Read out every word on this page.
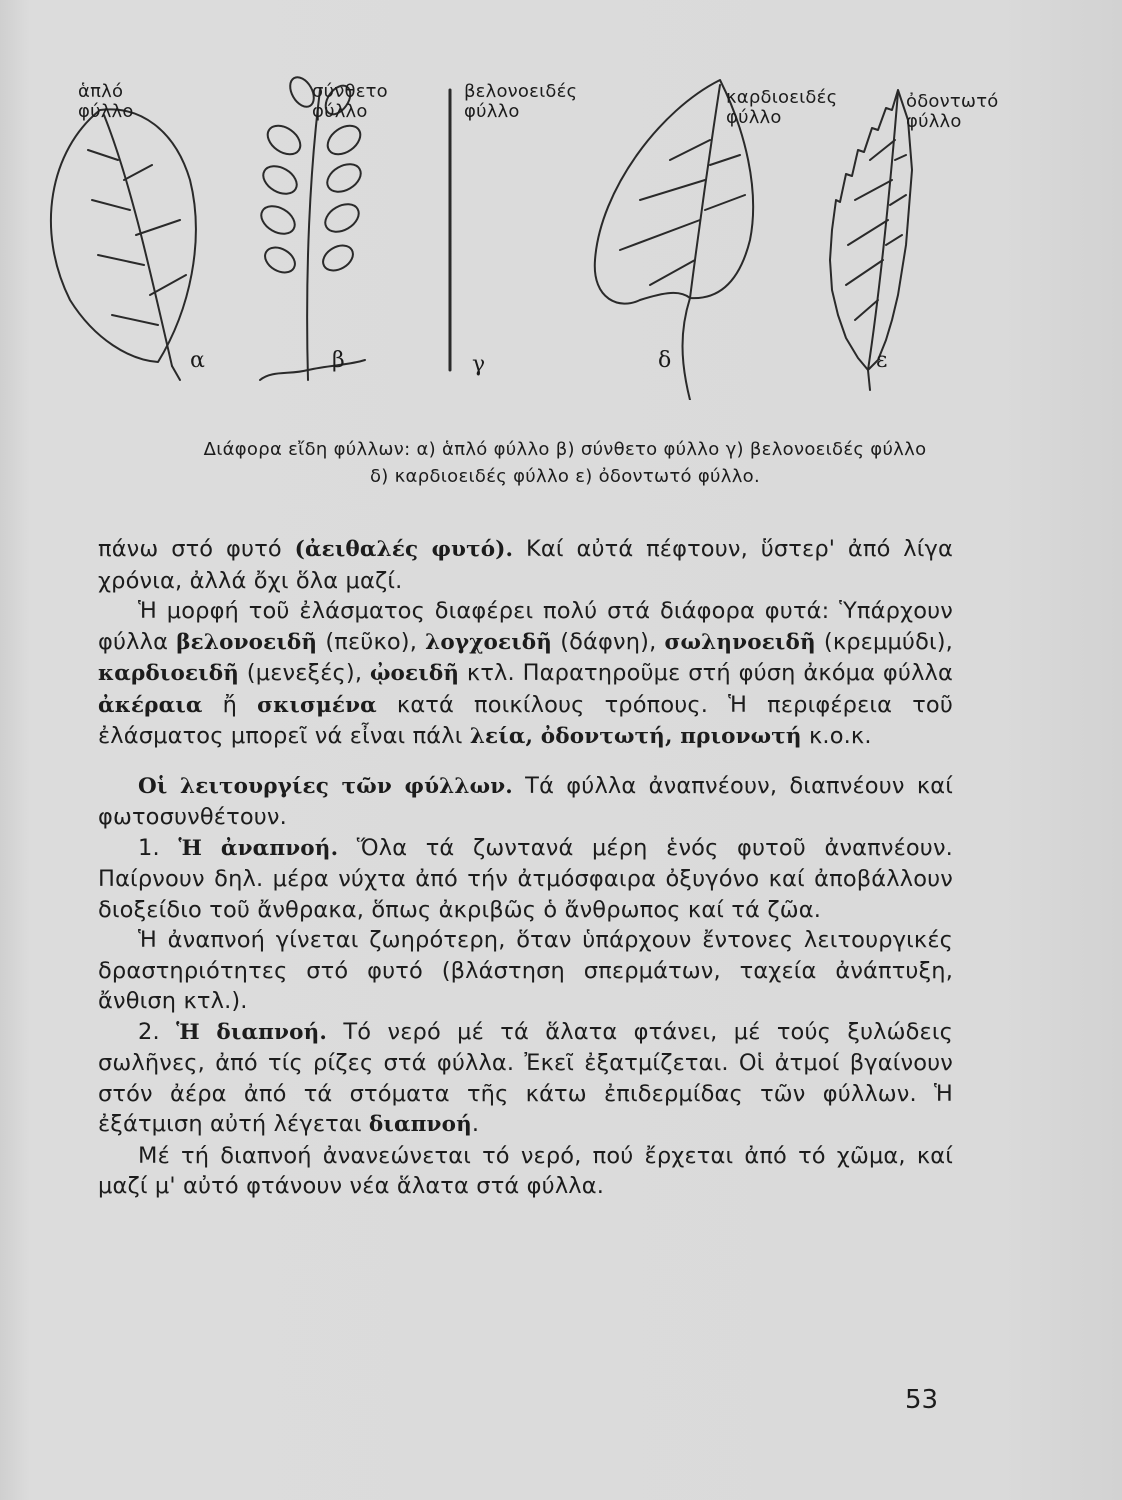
ἁπλό
φύλλο
σύνθετο
φύλλο
βελονοειδές
φύλλο
καρδιοειδές
φύλλο
ὀδοντωτό
φύλλο
α	β	γ	δ	ε
Διάφορα εἴδη φύλλων: α) ἁπλό φύλλο β) σύνθετο φύλλο γ) βελονοειδές φύλλο
δ) καρδιοειδές φύλλο ε) ὀδοντωτό φύλλο.

πάνω στό φυτό (ἀειθαλές φυτό). Καί αὐτά πέφτουν, ὕστερ' ἀπό λίγα χρόνια, ἀλλά ὄχι ὅλα μαζί.

Ἡ μορφή τοῦ ἐλάσματος διαφέρει πολύ στά διάφορα φυτά: Ὑπάρχουν φύλλα βελονοειδῆ (πεῦκο), λογχοειδῆ (δάφνη), σωληνοειδῆ (κρεμμύδι), καρδιοειδῆ (μενεξές), ᾠοειδῆ κτλ. Παρατηροῦμε στή φύση ἀκόμα φύλλα ἀκέραια ἤ σκισμένα κατά ποικίλους τρόπους. Ἡ περιφέρεια τοῦ ἐλάσματος μπορεῖ νά εἶναι πάλι λεία, ὀδοντωτή, πριονωτή κ.ο.κ.

Οἱ λειτουργίες τῶν φύλλων. Τά φύλλα ἀναπνέουν, διαπνέουν καί φωτοσυνθέτουν.

1. Ἡ ἀναπνοή. Ὅλα τά ζωντανά μέρη ἑνός φυτοῦ ἀναπνέουν. Παίρνουν δηλ. μέρα νύχτα ἀπό τήν ἀτμόσφαιρα ὀξυγόνο καί ἀποβάλλουν διοξείδιο τοῦ ἄνθρακα, ὅπως ἀκριβῶς ὁ ἄνθρωπος καί τά ζῶα.

Ἡ ἀναπνοή γίνεται ζωηρότερη, ὅταν ὑπάρχουν ἔντονες λειτουργικές δραστηριότητες στό φυτό (βλάστηση σπερμάτων, ταχεία ἀνάπτυξη, ἄνθιση κτλ.).

2. Ἡ διαπνοή. Τό νερό μέ τά ἅλατα φτάνει, μέ τούς ξυλώδεις σωλῆνες, ἀπό τίς ρίζες στά φύλλα. Ἐκεῖ ἐξατμίζεται. Οἱ ἀτμοί βγαίνουν στόν ἀέρα ἀπό τά στόματα τῆς κάτω ἐπιδερμίδας τῶν φύλλων. Ἡ ἐξάτμιση αὐτή λέγεται διαπνοή.

Μέ τή διαπνοή ἀνανεώνεται τό νερό, πού ἔρχεται ἀπό τό χῶμα, καί μαζί μ' αὐτό φτάνουν νέα ἅλατα στά φύλλα.

53
